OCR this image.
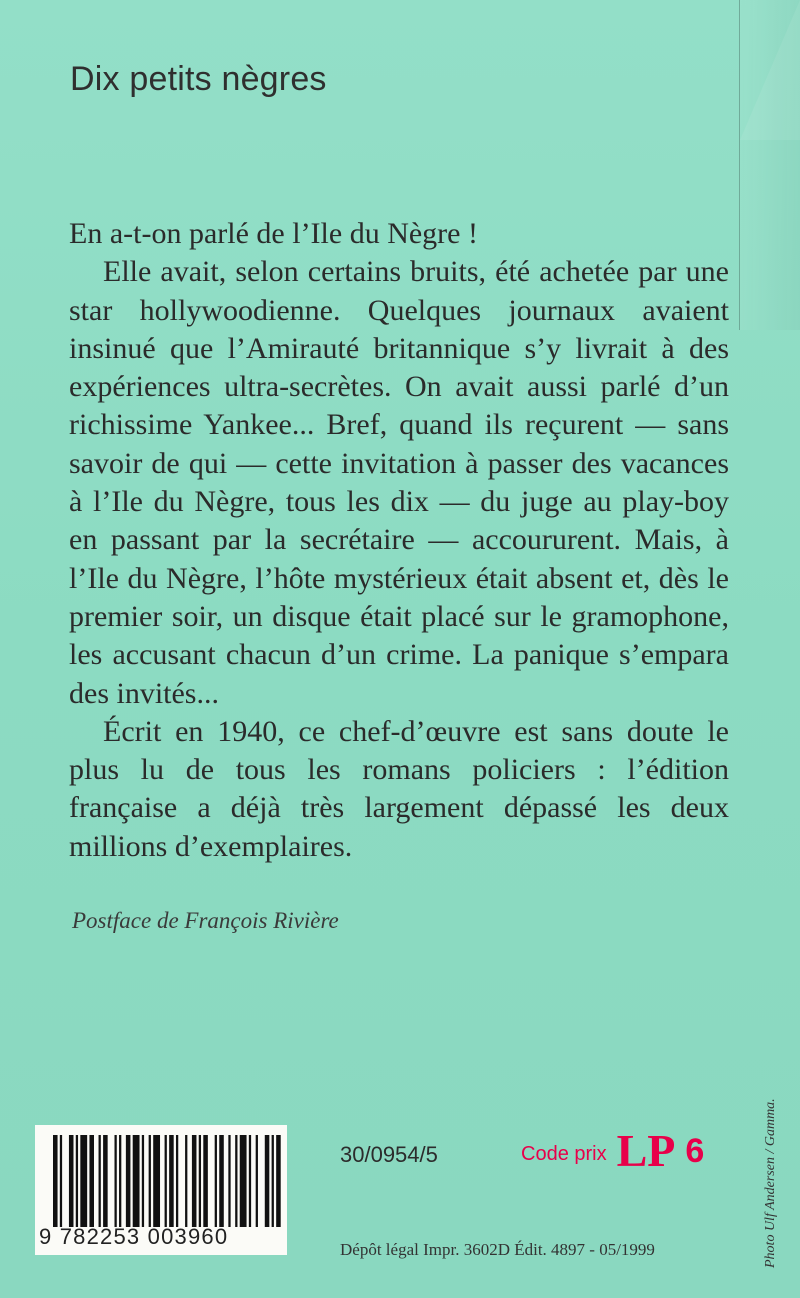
Dix petits nègres

En a-t-on parlé de l’Ile du Nègre !

Elle avait, selon certains bruits, été achetée par une star hollywoodienne. Quelques journaux avaient insinué que l’Amirauté britannique s’y livrait à des expériences ultra-secrètes. On avait aussi parlé d’un richissime Yankee... Bref, quand ils reçurent — sans savoir de qui — cette invitation à passer des vacances à l’Ile du Nègre, tous les dix — du juge au play-boy en passant par la secrétaire — accoururent. Mais, à l’Ile du Nègre, l’hôte mystérieux était absent et, dès le premier soir, un disque était placé sur le gramophone, les accusant chacun d’un crime. La panique s’empara des invités...

Écrit en 1940, ce chef-d’œuvre est sans doute le plus lu de tous les romans policiers : l’édition française a déjà très largement dépassé les deux millions d’exemplaires.

Postface de François Rivière
9 782253 003960
30/0954/5	Code prix LP 6
Dépôt légal Impr. 3602D Édit. 4897 - 05/1999	Photo Ulf Andersen / Gamma.
